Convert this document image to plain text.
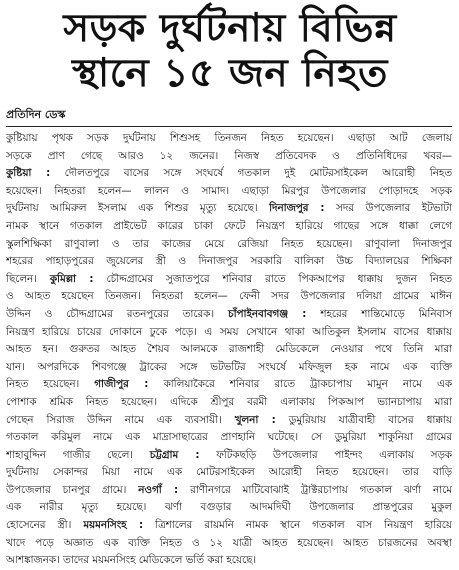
সড়ক দুর্ঘটনায় বিভিন্ন
স্থানে ১৫ জন নিহত
প্রতিদিন ডেস্ক
কুষ্টিয়ায় পৃথক সড়ক দুর্ঘটনায় শিশুসহ তিনজন নিহত হয়েছেন। এছাড়া আট জেলায়
সড়কে প্রাণ গেছে আরও ১২ জনের। নিজস্ব প্রতিবেদক ও প্রতিনিধিদের খবর—
কুষ্টিয়া : দৌলতপুরে বাসের সঙ্গে সংঘর্ষে গতকাল দুই মোটরসাইকেল আরোহী নিহত
হয়েছেন। নিহতরা হলেন— লালন ও সামাদ। এছাড়া মিরপুর উপজেলার পোড়াদহে সড়ক
দুর্ঘটনায় আমিরুল ইসলাম এক শিশুর মৃত্যু হয়েছে। দিনাজপুর : সদর উপজেলার ইটভাটা
নামক স্থানে গতকাল প্রাইভেট কারের চাকা ফেটে নিয়ন্ত্রণ হারিয়ে গাছের সঙ্গে ধাক্কা লেগে
স্কুলশিক্ষিকা রাণুবালা ও তার কাজের মেয়ে রেজিয়া নিহত হয়েছেন। রাণুবালা দিনাজপুর
শহরের পাহাড়পুরের জুয়েলের স্ত্রী ও দিনাজপুর সরকারি বালিকা উচ্চ বিদ্যালয়ের শিক্ষিকা
ছিলেন। কুমিল্লা : চৌদ্দগ্রামের সুজাতপুরে শনিবার রাতে পিকআপের ধাক্কায় দুজন নিহত
ও আহত হয়েছেন তিনজন। নিহতরা হলেন— ফেনী সদর উপজেলার দলিয়া গ্রামের মাঈন
উদ্দিন ও চৌদ্দগ্রামের রতনপুরের তারেক। চাঁপাইনবাবগঞ্জ : শহরের শান্তিমোড়ে মিনিবাস
নিয়ন্ত্রণ হারিয়ে চায়ের দোকানে ঢুকে পড়ে। এ সময় সেখানে থাকা আতিকুল ইসলাম বাসের ধাক্কায়
আহত হন। গুরুতর আহত শৈয়ব আলমকে রাজশাহী মেডিকেলে নেওয়ার পথে তিনি মারা
যান। অপরদিকে শিবগঞ্জে ট্রাকের সঙ্গে ভটভটির সংঘর্ষে মফিজুল হক নামে এক ব্যক্তি
নিহত হয়েছেন। গাজীপুর : কালিয়াকৈরে শনিবার রাতে ট্রাকচাপায় মামুন নামে এক
পোশাক শ্রমিক নিহত হয়েছেন। এদিকে শ্রীপুর বরমী এলাকায় পিকআপ ভ্যানচাপায় মারা
গেছেন সিরাজ উদ্দিন নামে এক ব্যবসায়ী। খুলনা : ডুমুরিয়ায় যাত্রীবাহী বাসের ধাক্কায়
গতকাল করিমুল নামে এক মাদ্রাসাছাত্রের প্রাণহানি ঘটেছে। সে ডুমুরিয়া শাকুনিয়া গ্রামের
শাহাবুদ্দিন গাজীর ছেলে। চট্টগ্রাম : ফটিকছড়ি উপজেলার পাইন্দং এলাকায় সড়ক
দুর্ঘটনায় সেকান্দর মিয়া নামে এক মোটরসাইকেল আরোহী নিহত হয়েছেন। তার বাড়ি
উপজেলার চানপুর গ্রামে। নওগাঁ : রাণীনগরে মাটিবোঝাই ট্রাক্টরচাপায় গতকাল ঝর্ণা নামে
এক নারীর মৃত্যু হয়েছে। ঝর্ণা বগুড়ার আদমদিঘী উপজেলার প্রান্তপুরের মুকুল
হোসেনের স্ত্রী। ময়মনসিংহ : ত্রিশালের রায়মনি নামক স্থানে গতকাল বাস নিয়ন্ত্রণ হারিয়ে
খাদে পড়ে অজ্ঞাত এক ব্যক্তি নিহত ও ১২ যাত্রী আহত হয়েছেন। আহত চারজনের অবস্থা
আশঙ্কাজনক। তাদের ময়মনসিংহ মেডিকেলে ভর্তি করা হয়েছে।
